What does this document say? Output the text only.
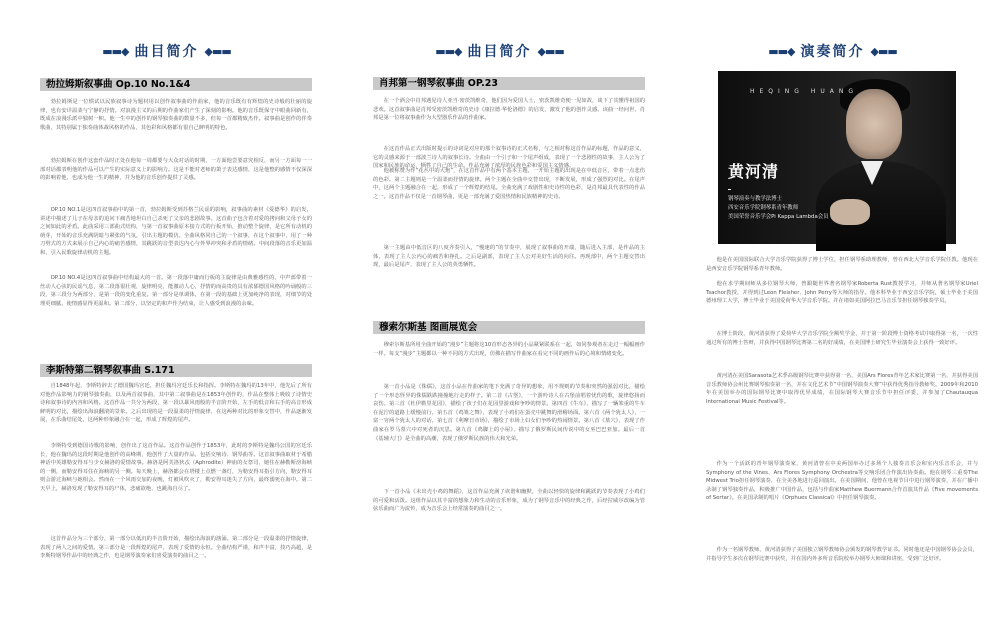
▬▬◆ 曲目简介 ◆▬▬
勃拉姆斯叙事曲 Op.10 No.1&4
勃拉姆斯是一位惯试以民族叙事诗为题材用以创作叙事曲的作曲家，他的音乐既有有辉煌的史诗般的壮丽的旋律，也有安详温柔与宁静的抒情。对浪漫主义的后期的作曲家们产生了深刻的影响。他的音乐既保守中眼曲回新有，既成在浪漫乐派中独树一帜。他一生中的创作的钢琴独奏曲的数量不多，但每一首都精致杰作。叙事曲是创作的伴奏歌曲，其特别属于独奏曲体裁风格的作品，其色彩和风格都有很自己鲜明的特色。
勃拉姆斯在创作这套作品时正处在他每一周都要与大众对话的时期，一方面他尝要意究相反，而另一方面每一一部对话都表明他的作品可以产生的实际意义上的影响力。这是不能对老师的萧子表达感情，这是他整的感情不仅深深的影响着他，也成为他一生的精神，并为他的音乐创作提供了灵感。
OP.10 NO.1是这四首叙事曲中的第一首，勃拉姆斯受到苏格兰民谣的影响，叙事曲的素材《爱德华》的启发，讲述中描述了儿子在母亲的追问下痛苦地坦白自己杀死了父亲的悲剧故事。这首曲子包含着对爱的拷问和父母子女的之间如此的矛盾。此曲采用三部曲式结构，与第一首叙事曲原本接力式的行板开始，推动整个旋律，是它所有动机的萌芽，开始的音乐充满阴暗与紧张的气氛，引出主题的模仿。全曲风格同自己的一个叙事，在这个叙事中，用了一种刀劈式的方式来展示自己内心的痛苦感情，其跳跃的音型表达内心与外界冲突和矛盾的情绪。中间段落的音乐更加温和，引入民歌旋律动机的主题。
OP.10 NO.4是这四首叙事曲中结构最大的一首。第一段落中庸而行板的主旋律是由典雅感性的，中声部带着一丝动人心弦的民谣气息，第二段落很壮观，旋律明亮，能激动人心，抒情的而高贵的具有浓郁德国风格的吟诵般的三段，第三段分为两部分，是第一段的变化重复。第一部分是单调体，在第一段的基础上更加纯净的表现，对细节的处理更细腻，使情感显得更温和。第二部分，以坚定的和声作为结束，让人感受到浪漫的余味。
李斯特第二钢琴叙事曲 S.171
自1848年起，李斯特辞去了德国魏玛宫廷，担任魏玛宫廷乐长和指挥。李斯特在魏玛的13年中，他先后了所有对他作品影响力的钢琴独奏曲，以及两首叙事曲，其中第二叙事曲是在1853年创作的，作品在整体上吸收了诗情史诗和叙事诗的内容和风格。这首作品一共分为两段，第一段以暴风雨般的半音阶开始，左手的低音和右手的高音形成鲜明的对比，描绘出海浪翻滚的景象。之后出现的是一段温柔的抒情旋律，在这两种对比的形象交替中，作品逐渐发展，在乐曲结尾处，这两种形象融合在一起，形成了辉煌的尾声。
李斯特受到德国诗歌的影响，创作出了这首作品。这首作品创作于1853年，此时的李斯特是魏玛公国的宫廷乐长，他在魏玛的这段时期是他创作的高峰期，他创作了大量的作品，包括交响诗、钢琴曲等。这首叙事曲取材于希腊神话中英雄勒安得耳与少女赫洛的爱情故事。赫洛是阿芙洛狄忒（Aphrodite）神庙的女祭司，她住在赫勒斯滂海峡的一侧，而勒安得耳住在海峡的另一侧。每天晚上，赫洛都会在塔楼上点燃一盏灯，为勒安得耳指引方向，勒安得耳则会游过海峡与她相会。然而在一个风雨交加的夜晚，灯被风吹灭了，勒安得耳迷失了方向，最终溺死在海中。第二天早上，赫洛发现了勒安得耳的尸体，悲痛欲绝，也跳海自尽了。
这首作品分为三个部分，第一部分以低沉的半音阶开始，描绘出海浪的汹涌。第二部分是一段温柔的抒情旋律，表现了两人之间的爱情。第三部分是一段辉煌的尾声，表现了爱情的永恒。全曲结构严谨，和声丰富，技巧高超，是李斯特钢琴作品中的经典之作，也是钢琴演奏家们喜爱演奏的曲目之一。
▬▬◆ 曲目简介 ◆▬▬
肖邦第一钢琴叙事曲 OP.23
在一个酒会中肖邦遇见诗人亚当·密茨凯维奇，他们因为爱国人士，密茨凯维奇便一见如故，谈下了其懂得祖国的悲欢。这首叙事曲是肖邦受密茨凯维奇的史诗《康拉德·华伦洛德》的启发，激发了他的创作灵感。该曲一经问世，肖邦是第一位将叙事曲作为大型器乐作品的作曲家。
在这首作品正式出版时提示的诗词是对应的那个叙事诗的正式名称，与之相对称这首作品的标题，作品的意义，它的灵感来源于一部波兰诗人的叙事长诗。全曲由一个引子和一个尾声组成，表现了一个悲剧性的故事，主人公为了国家和民族的命运，牺牲了自己的生命。作品充满了浓厚的民族色彩和爱国主义情感。
他被称赞为作“花丛中的大炮”，在这首作品中有两个基本主题，一开始主题的出现是在中低音区，带着一点悲伤的色彩。第二主题则是一个温柔而抒情的旋律。两个主题在全曲中交替出现，不断发展，形成了强烈的对比。在尾声中，这两个主题融合在一起，形成了一个辉煌的结尾。全曲充满了戏剧性和史诗性的色彩，是肖邦最具代表性的作品之一。这首作品不仅是一首钢琴曲，更是一部充满了爱国热情和民族精神的史诗。
第一主题由中低音区的八度齐奏引入，“慢速的”的节奏中，展现了叙事曲的开端，随后进入主部，是作品的主体，表现了主人公内心的痛苦和挣扎。之后是副部，表现了主人公对美好生活的向往。再现部中，两个主题交替出现，最后是尾声，表现了主人公的英勇牺牲。
穆索尔斯基 图画展览会
穆索尔斯基所用全曲开始的“漫步”主题将这10首形态各异的小品紧紧联系在一起，如同参观者在走过一幅幅画作一样。每支“漫步”主题都以一种不同的方式出现，仿佛在描写作曲家在看完不同的画作后的心境和情绪变化。
第一首小品是《侏儒》，这首小品在作曲家的笔下充满了奇异的想象，用不规则的节奏和突然的强弱对比，描绘了一个形态怪异的侏儒跌跌撞撞地行走的样子。第二首《古堡》，一个游吟诗人在古堡前唱着忧伤的歌，旋律悠扬而哀伤。第三首《杜伊勒里花园》，描绘了孩子们在花园里游戏和争吵的情景。第四首《牛车》，描写了一辆笨重的牛车在泥泞的道路上缓慢前行。第五首《鸡雏之舞》，表现了小鸡们在蛋壳中跳舞的滑稽场面。第六首《两个犹太人》，一富一穷两个犹太人的对话。第七首《利摩日市场》，描绘了市场上妇女们争吵的热闹情景。第八首《墓穴》，表现了作曲家在罗马墓穴中对死者的沉思。第九首《鸡脚上的小屋》，描写了俄罗斯民间传说中的女巫巴巴亚加。最后一首《基辅大门》是全曲的高潮，表现了俄罗斯民族的伟大和光荣。
下一首小品《未出壳小鸡的舞蹈》，这首作品充满了诙谐和幽默，全曲以轻快的旋律和跳跃的节奏表现了小鸡们的可爱和活泼。这组作品以其丰富的想象力和生动的音乐形象，成为了钢琴音乐中的经典之作，后经拉威尔改编为管弦乐曲而广为流传，成为音乐会上经常演奏的曲目之一。
▬▬◆ 演奏简介 ◆▬▬
HEQING HUANG
黄河清
钢琴演奏与教学法博士
西安音乐学院钢琴系青年教师
美国荣誉音乐学会Pi Kappa Lambda会员
他是在美国国际联合大学音乐学院获得了博士学位，担任钢琴系助理教师，曾在西北大学音乐学院任教。他现在是西安音乐学院钢琴系青年教师。
他在求学期间师从多位钢琴大师，曾跟随世界著名钢琴家Roberta Rust教授学习，并师从著名钢琴家Uriel Tsachor教授，并得到过Leon Fleisher、John Perry等大师的指导。他本科毕业于西安音乐学院，硕士毕业于美国德州理工大学，博士毕业于美国爱荷华大学音乐学院。并在诸如美国阿拉巴马音乐节担任钢琴独奏学员。
在博士阶段，黄河清获得了爱荷华大学音乐学院全额奖学金，并于第一阶段博士资格考试中取得第一名，一次性通过所有的博士答辩，并获得中国钢琴比赛第二名的好成绩，在美国博士研究生毕业演奏会上获得一致好评。
黄河清在美国Sarasota艺术季高级钢琴比赛中获得第一名，美国Ars Flores青年艺术家比赛第一名，并获得美国音乐教师协会州比赛钢琴独奏第一名，并在文化艺术节“中国钢琴演奏大赛”中获得优秀指导教师奖。2009年和2010年在美国举办的国际钢琴比赛中取得优异成绩，在国际钢琴大赛音乐节中担任评委，并参加了Chautauqua International Music Festival等。
作为一个活跃的青年钢琴演奏家，黄河清曾在中美两国举办过多场个人独奏音乐会和室内乐音乐会，并与Symphony of the Vines、Ars Flores Symphony Orchestra等交响乐团合作演出协奏曲。他在钢琴三重奏The Midwest Trio担任钢琴演奏，在全美各地进行巡回演出。在美国期间，他曾在电视节目中进行钢琴演奏，并在广播中录制了钢琴独奏作品，积极推广中国作品，包括与作曲家Matthew Buermann合作首演其作品《Five movements of Sertar》。在美国录制的唱片《Orphues Classical》中担任钢琴演奏。
作为一名钢琴教师，黄河清获得了美国独立钢琴教师协会颁发的钢琴教学证书。同时他还是中国钢琴协会会员，并指导学生多次在钢琴比赛中获奖，并在国内外多所音乐院校举办钢琴大师课和讲座，受到广泛好评。
